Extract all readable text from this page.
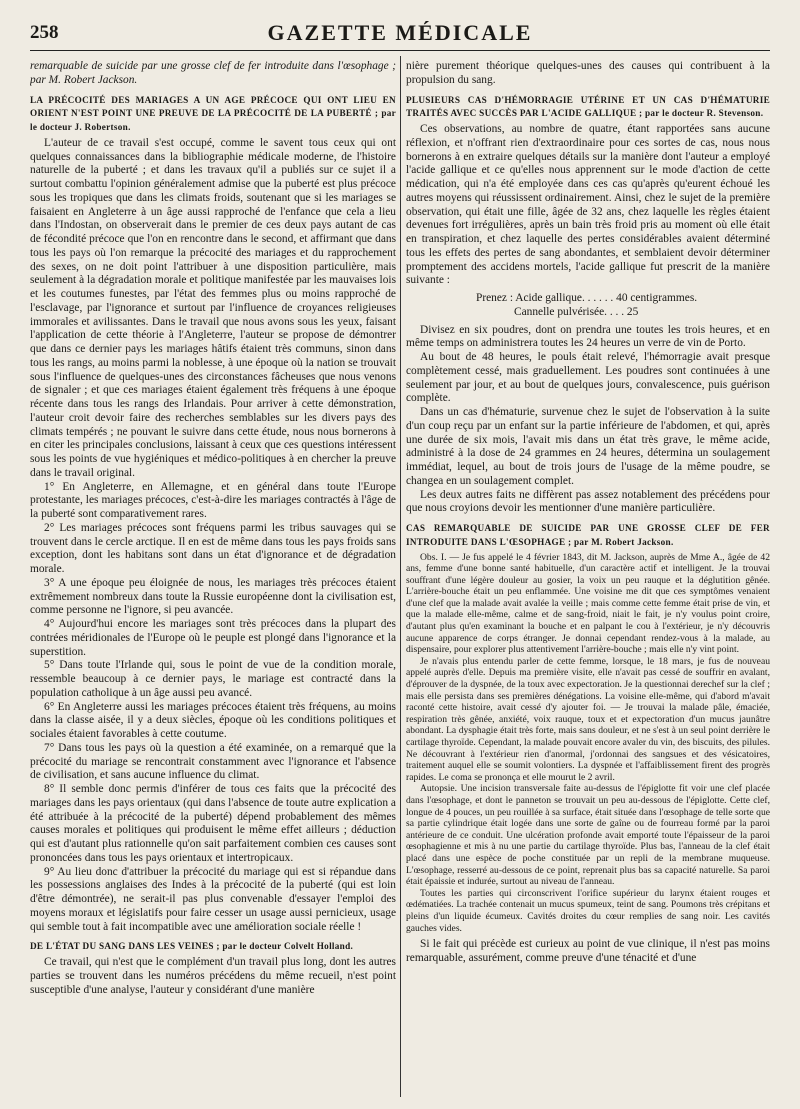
258	GAZETTE MÉDICALE

remarquable de suicide par une grosse clef de fer introduite dans l'œsophage ; par M. Robert Jackson.

LA PRÉCOCITÉ DES MARIAGES A UN AGE PRÉCOCE QUI ONT LIEU EN ORIENT N'EST POINT UNE PREUVE DE LA PRÉCOCITÉ DE LA PUBERTÉ ; par le docteur J. Robertson.

L'auteur de ce travail s'est occupé, comme le savent tous ceux qui ont quelques connaissances dans la bibliographie médicale moderne, de l'histoire naturelle de la puberté ; et dans les travaux qu'il a publiés sur ce sujet il a surtout combattu l'opinion généralement admise que la puberté est plus précoce sous les tropiques que dans les climats froids, soutenant que si les mariages se faisaient en Angleterre à un âge aussi rapproché de l'enfance que cela a lieu dans l'Indostan, on observerait dans le premier de ces deux pays autant de cas de fécondité précoce que l'on en rencontre dans le second, et affirmant que dans tous les pays où l'on remarque la précocité des mariages et du rapprochement des sexes, on ne doit point l'attribuer à une disposition particulière, mais seulement à la dégradation morale et politique manifestée par les mauvaises lois et les coutumes funestes, par l'état des femmes plus ou moins rapproché de l'esclavage, par l'ignorance et surtout par l'influence de croyances religieuses immorales et avilissantes. Dans le travail que nous avons sous les yeux, faisant l'application de cette théorie à l'Angleterre, l'auteur se propose de démontrer que dans ce dernier pays les mariages hâtifs étaient très communs, sinon dans tous les rangs, au moins parmi la noblesse, à une époque où la nation se trouvait sous l'influence de quelques-unes des circonstances fâcheuses que nous venons de signaler ; et que ces mariages étaient également très fréquens à une époque récente dans tous les rangs des Irlandais. Pour arriver à cette démonstration, l'auteur croit devoir faire des recherches semblables sur les divers pays des climats tempérés ; ne pouvant le suivre dans cette étude, nous nous bornerons à en citer les principales conclusions, laissant à ceux que ces questions intéressent sous les points de vue hygiéniques et médico-politiques à en chercher la preuve dans le travail original.

1° En Angleterre, en Allemagne, et en général dans toute l'Europe protestante, les mariages précoces, c'est-à-dire les mariages contractés à l'âge de la puberté sont comparativement rares.

2° Les mariages précoces sont fréquens parmi les tribus sauvages qui se trouvent dans le cercle arctique. Il en est de même dans tous les pays froids sans exception, dont les habitans sont dans un état d'ignorance et de dégradation morale.

3° A une époque peu éloignée de nous, les mariages très précoces étaient extrêmement nombreux dans toute la Russie européenne dont la civilisation est, comme personne ne l'ignore, si peu avancée.

4° Aujourd'hui encore les mariages sont très précoces dans la plupart des contrées méridionales de l'Europe où le peuple est plongé dans l'ignorance et la superstition.

5° Dans toute l'Irlande qui, sous le point de vue de la condition morale, ressemble beaucoup à ce dernier pays, le mariage est contracté dans la population catholique à un âge aussi peu avancé.

6° En Angleterre aussi les mariages précoces étaient très fréquens, au moins dans la classe aisée, il y a deux siècles, époque où les conditions politiques et sociales étaient favorables à cette coutume.

7° Dans tous les pays où la question a été examinée, on a remarqué que la précocité du mariage se rencontrait constamment avec l'ignorance et l'absence de civilisation, et sans aucune influence du climat.

8° Il semble donc permis d'inférer de tous ces faits que la précocité des mariages dans les pays orientaux (qui dans l'absence de toute autre explication a été attribuée à la précocité de la puberté) dépend probablement des mêmes causes morales et politiques qui produisent le même effet ailleurs ; déduction qui est d'autant plus rationnelle qu'on sait parfaitement combien ces causes sont prononcées dans tous les pays orientaux et intertropicaux.

9° Au lieu donc d'attribuer la précocité du mariage qui est si répandue dans les possessions anglaises des Indes à la précocité de la puberté (qui est loin d'être démontrée), ne serait-il pas plus convenable d'essayer l'emploi des moyens moraux et législatifs pour faire cesser un usage aussi pernicieux, usage qui semble tout à fait incompatible avec une amélioration sociale réelle !

DE L'ÉTAT DU SANG DANS LES VEINES ; par le docteur Colvelt Holland.

Ce travail, qui n'est que le complément d'un travail plus long, dont les autres parties se trouvent dans les numéros précédens du même recueil, n'est point susceptible d'une analyse, l'auteur y considérant d'une manière

nière purement théorique quelques-unes des causes qui contribuent à la propulsion du sang.

PLUSIEURS CAS D'HÉMORRAGIE UTÉRINE ET UN CAS D'HÉMATURIE TRAITÉS AVEC SUCCÈS PAR L'ACIDE GALLIQUE ; par le docteur R. Stevenson.

Ces observations, au nombre de quatre, étant rapportées sans aucune réflexion, et n'offrant rien d'extraordinaire pour ces sortes de cas, nous nous bornerons à en extraire quelques détails sur la manière dont l'auteur a employé l'acide gallique et ce qu'elles nous apprennent sur le mode d'action de cette médication, qui n'a été employée dans ces cas qu'après qu'eurent échoué les autres moyens qui réussissent ordinairement. Ainsi, chez le sujet de la première observation, qui était une fille, âgée de 32 ans, chez laquelle les règles étaient devenues fort irrégulières, après un bain très froid pris au moment où elle était en transpiration, et chez laquelle des pertes considérables avaient déterminé tous les effets des pertes de sang abondantes, et semblaient devoir déterminer promptement des accidens mortels, l'acide gallique fut prescrit de la manière suivante :

Prenez : Acide gallique. . . . . . 40 centigrammes.
Cannelle pulvérisée. . . . 25

Divisez en six poudres, dont on prendra une toutes les trois heures, et en même temps on administrera toutes les 24 heures un verre de vin de Porto.

Au bout de 48 heures, le pouls était relevé, l'hémorragie avait presque complètement cessé, mais graduellement. Les poudres sont continuées à une seulement par jour, et au bout de quelques jours, convalescence, puis guérison complète.

Dans un cas d'hématurie, survenue chez le sujet de l'observation à la suite d'un coup reçu par un enfant sur la partie inférieure de l'abdomen, et qui, après une durée de six mois, l'avait mis dans un état très grave, le même acide, administré à la dose de 24 grammes en 24 heures, détermina un soulagement immédiat, lequel, au bout de trois jours de l'usage de la même poudre, se changea en un soulagement complet.

Les deux autres faits ne diffèrent pas assez notablement des précédens pour que nous croyions devoir les mentionner d'une manière particulière.

CAS REMARQUABLE DE SUICIDE PAR UNE GROSSE CLEF DE FER INTRODUITE DANS L'ŒSOPHAGE ; par M. Robert Jackson.

Obs. I. — Je fus appelé le 4 février 1843, dit M. Jackson, auprès de Mme A., âgée de 42 ans, femme d'une bonne santé habituelle, d'un caractère actif et intelligent. Je la trouvai souffrant d'une légère douleur au gosier, la voix un peu rauque et la déglutition gênée. L'arrière-bouche était un peu enflammée. Une voisine me dit que ces symptômes venaient d'une clef que la malade avait avalée la veille ; mais comme cette femme était prise de vin, et que la malade elle-même, calme et de sang-froid, niait le fait, je n'y voulus point croire, d'autant plus qu'en examinant la bouche et en palpant le cou à l'extérieur, je n'y découvris aucune apparence de corps étranger. Je donnai cependant rendez-vous à la malade, au dispensaire, pour explorer plus attentivement l'arrière-bouche ; mais elle n'y vint point.

Je n'avais plus entendu parler de cette femme, lorsque, le 18 mars, je fus de nouveau appelé auprès d'elle. Depuis ma première visite, elle n'avait pas cessé de souffrir en avalant, d'éprouver de la dyspnée, de la toux avec expectoration. Je la questionnai derechef sur la clef ; mais elle persista dans ses premières dénégations. La voisine elle-même, qui d'abord m'avait raconté cette histoire, avait cessé d'y ajouter foi. — Je trouvai la malade pâle, émaciée, respiration très gênée, anxiété, voix rauque, toux et et expectoration d'un mucus jaunâtre abondant. La dysphagie était très forte, mais sans douleur, et ne s'est à un seul point derrière le cartilage thyroïde. Cependant, la malade pouvait encore avaler du vin, des biscuits, des pilules. Ne découvrant à l'extérieur rien d'anormal, j'ordonnai des sangsues et des vésicatoires, traitement auquel elle se soumit volontiers. La dyspnée et l'affaiblissement firent des progrès rapides. Le coma se prononça et elle mourut le 2 avril.

Autopsie. Une incision transversale faite au-dessus de l'épiglotte fit voir une clef placée dans l'œsophage, et dont le panneton se trouvait un peu au-dessous de l'épiglotte. Cette clef, longue de 4 pouces, un peu rouillée à sa surface, était située dans l'œsophage de telle sorte que sa partie cylindrique était logée dans une sorte de gaîne ou de fourreau formé par la paroi antérieure de ce conduit. Une ulcération profonde avait emporté toute l'épaisseur de la paroi œsophagienne et mis à nu une partie du cartilage thyroïde. Plus bas, l'anneau de la clef était placé dans une espèce de poche constituée par un repli de la membrane muqueuse. L'œsophage, resserré au-dessous de ce point, reprenait plus bas sa capacité naturelle. Sa paroi était épaissie et indurée, surtout au niveau de l'anneau.

Toutes les parties qui circonscrivent l'orifice supérieur du larynx étaient rouges et œdématiées. La trachée contenait un mucus spumeux, teint de sang. Poumons très crépitans et pleins d'un liquide écumeux. Cavités droites du cœur remplies de sang noir. Les cavités gauches vides.

Si le fait qui précède est curieux au point de vue clinique, il n'est pas moins remarquable, assurément, comme preuve d'une ténacité et d'une
